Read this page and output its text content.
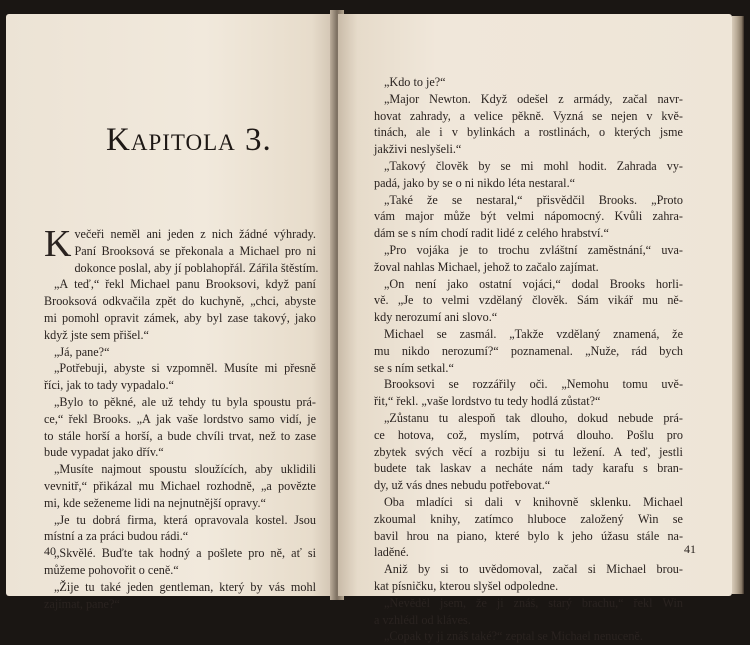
Kapitola 3.
K večeři neměl ani jeden z nich žádné výhrady.
Paní Brooksová se překonala a Michael pro ni
dokonce poslal, aby jí poblahopřál. Zářila štěstím.
„A teď,“ řekl Michael panu Brooksovi, když paní
Brooksová odkvačila zpět do kuchyně, „chci, abyste
mi pomohl opravit zámek, aby byl zase takový, jako
když jste sem přišel.“
„Já, pane?“
„Potřebuji, abyste si vzpomněl. Musíte mi přesně
říci, jak to tady vypadalo.“
„Bylo to pěkné, ale už tehdy tu byla spoustu prá-
ce,“ řekl Brooks. „A jak vaše lordstvo samo vidí, je
to stále horší a horší, a bude chvíli trvat, než to zase
bude vypadat jako dřív.“
„Musíte najmout spoustu sloužících, aby uklidili
vevnitř,“ přikázal mu Michael rozhodně, „a povězte
mi, kde seženeme lidi na nejnutnější opravy.“
„Je tu dobrá firma, která opravovala kostel. Jsou
místní a za práci budou rádi.“
„Skvělé. Buďte tak hodný a pošlete pro ně, ať si
můžeme pohovořit o ceně.“
„Žije tu také jeden gentleman, který by vás mohl
zajímat, pane?“
40
„Kdo to je?“
„Major Newton. Když odešel z armády, začal navr-
hovat zahrady, a velice pěkně. Vyzná se nejen v kvě-
tinách, ale i v bylinkách a rostlinách, o kterých jsme
jakživi neslyšeli.“
„Takový člověk by se mi mohl hodit. Zahrada vy-
padá, jako by se o ni nikdo léta nestaral.“
„Také že se nestaral,“ přisvědčil Brooks. „Proto
vám major může být velmi nápomocný. Kvůli zahra-
dám se s ním chodí radit lidé z celého hrabství.“
„Pro vojáka je to trochu zvláštní zaměstnání,“ uva-
žoval nahlas Michael, jehož to začalo zajímat.
„On není jako ostatní vojáci,“ dodal Brooks horli-
vě. „Je to velmi vzdělaný člověk. Sám vikář mu ně-
kdy nerozumí ani slovo.“
Michael se zasmál. „Takže vzdělaný znamená, že
mu nikdo nerozumí?“ poznamenal. „Nuže, rád bych
se s ním setkal.“
Brooksovi se rozzářily oči. „Nemohu tomu uvě-
řit,“ řekl. „vaše lordstvo tu tedy hodlá zůstat?“
„Zůstanu tu alespoň tak dlouho, dokud nebude prá-
ce hotova, což, myslím, potrvá dlouho. Pošlu pro
zbytek svých věcí a rozbiju si tu ležení. A teď, jestli
budete tak laskav a necháte nám tady karafu s bran-
dy, už vás dnes nebudu potřebovat.“
Oba mladíci si dali v knihovně sklenku. Michael
zkoumal knihy, zatímco hluboce založený Win se
bavil hrou na piano, které bylo k jeho úžasu stále na-
laděné.
Aniž by si to uvědomoval, začal si Michael brou-
kat písničku, kterou slyšel odpoledne.
„Nevěděl jsem, že ji znáš, starý brachu,“ řekl Win
a vzhlédl od kláves.
„Copak ty ji znáš také?“ zeptal se Michael nenuceně.
41
